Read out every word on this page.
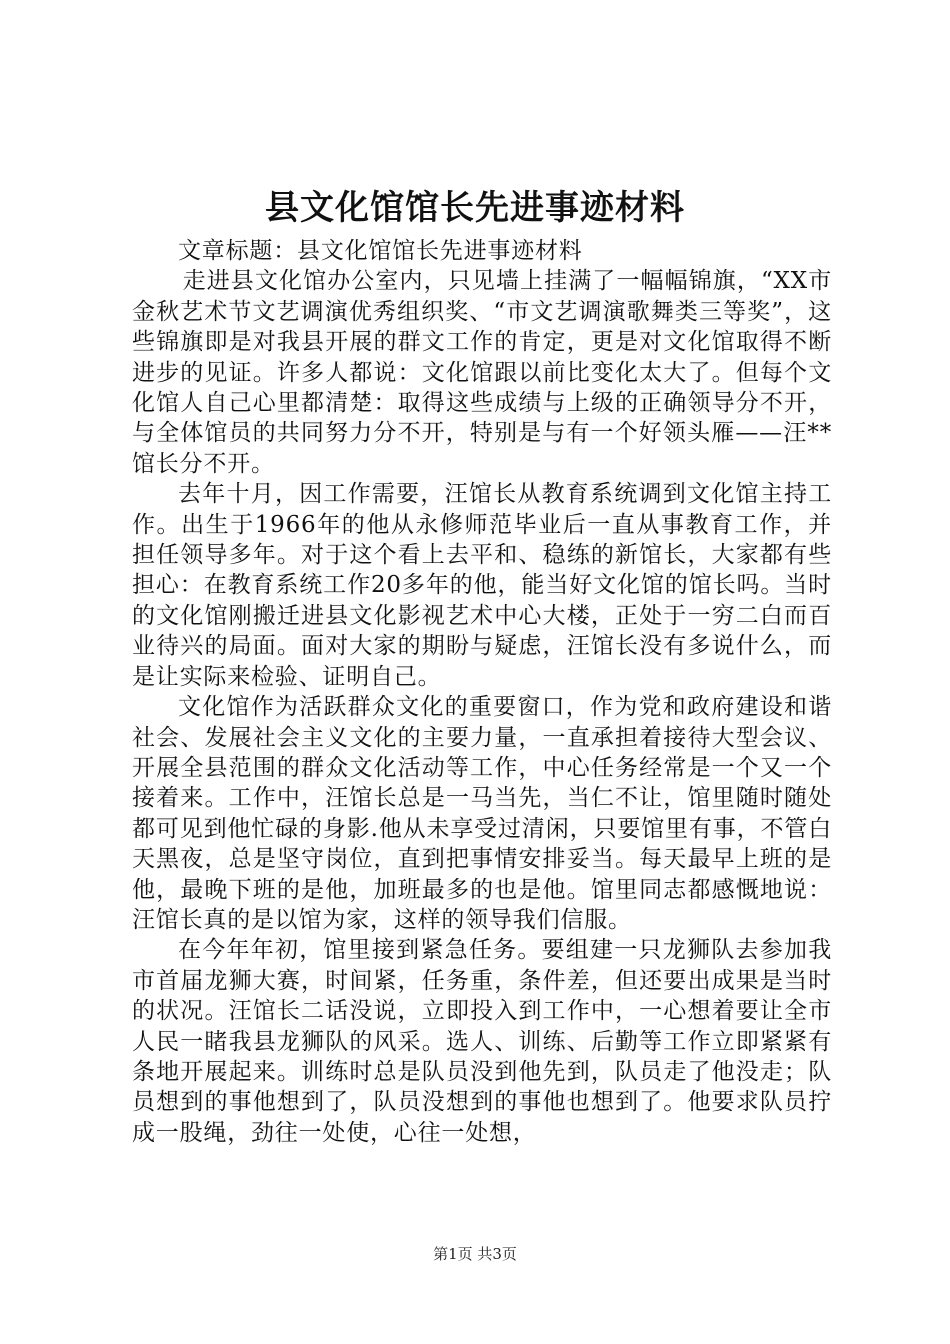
县文化馆馆长先进事迹材料

文章标题：县文化馆馆长先进事迹材料

走进县文化馆办公室内，只见墙上挂满了一幅幅锦旗，“XX市金秋艺术节文艺调演优秀组织奖、“市文艺调演歌舞类三等奖”，这些锦旗即是对我县开展的群文工作的肯定，更是对文化馆取得不断进步的见证。许多人都说：文化馆跟以前比变化太大了。但每个文化馆人自己心里都清楚：取得这些成绩与上级的正确领导分不开，与全体馆员的共同努力分不开，特别是与有一个好领头雁——汪**馆长分不开。

去年十月，因工作需要，汪馆长从教育系统调到文化馆主持工作。出生于1966年的他从永修师范毕业后一直从事教育工作，并担任领导多年。对于这个看上去平和、稳练的新馆长，大家都有些担心：在教育系统工作20多年的他，能当好文化馆的馆长吗。当时的文化馆刚搬迁进县文化影视艺术中心大楼，正处于一穷二白而百业待兴的局面。面对大家的期盼与疑虑，汪馆长没有多说什么，而是让实际来检验、证明自己。

文化馆作为活跃群众文化的重要窗口，作为党和政府建设和谐社会、发展社会主义文化的主要力量，一直承担着接待大型会议、开展全县范围的群众文化活动等工作，中心任务经常是一个又一个接着来。工作中，汪馆长总是一马当先，当仁不让，馆里随时随处都可见到他忙碌的身影.他从未享受过清闲，只要馆里有事，不管白天黑夜，总是坚守岗位，直到把事情安排妥当。每天最早上班的是他，最晚下班的是他，加班最多的也是他。馆里同志都感慨地说：汪馆长真的是以馆为家，这样的领导我们信服。

在今年年初，馆里接到紧急任务。要组建一只龙狮队去参加我市首届龙狮大赛，时间紧，任务重，条件差，但还要出成果是当时的状况。汪馆长二话没说，立即投入到工作中，一心想着要让全市人民一睹我县龙狮队的风采。选人、训练、后勤等工作立即紧紧有条地开展起来。训练时总是队员没到他先到，队员走了他没走；队员想到的事他想到了，队员没想到的事他也想到了。他要求队员拧成一股绳，劲往一处使，心往一处想，

第1页 共3页
